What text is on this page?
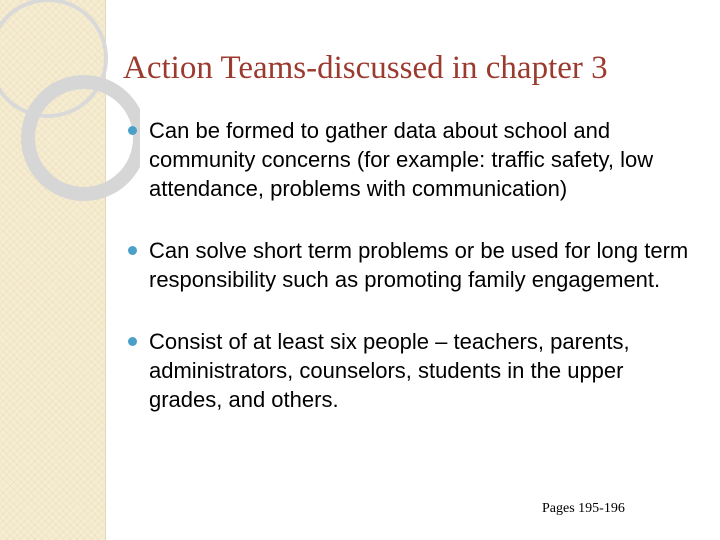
Action Teams-discussed in chapter 3
Can be formed to gather data about school and community concerns (for example: traffic safety, low attendance, problems with communication)
Can solve short term problems or be used for long term responsibility such as promoting family engagement.
Consist of at least six people – teachers, parents, administrators, counselors, students in the upper grades, and others.

Pages 195-196
